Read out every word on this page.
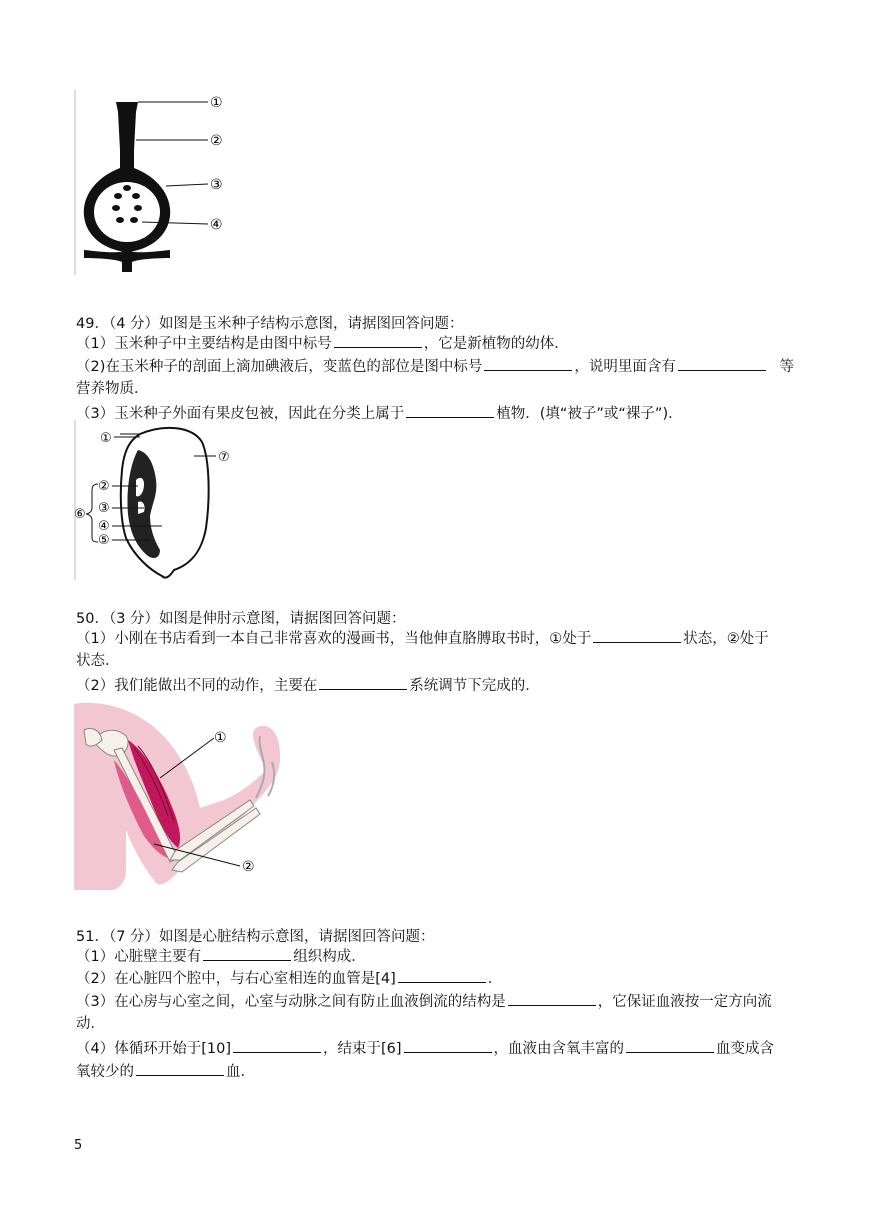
①
②
③
④
49．（4 分）如图是玉米种子结构示意图，请据图回答问题：
（1）玉米种子中主要结构是由图中标号	，它是新植物的幼体．
（2)在玉米种子的剖面上滴加碘液后，变蓝色的部位是图中标号	，说明里面含有	等
营养物质．
（3）玉米种子外面有果皮包被，因此在分类上属于	植物．(填“被子”或“裸子”)．
①
②
③
④
⑤
⑥
⑦
50．（3 分）如图是伸肘示意图，请据图回答问题：
（1）小刚在书店看到一本自己非常喜欢的漫画书，当他伸直胳膊取书时，①处于	状态，②处于
状态．
（2）我们能做出不同的动作，主要在	系统调节下完成的．
①
②
51．（7 分）如图是心脏结构示意图，请据图回答问题：
（1）心脏壁主要有	组织构成．
（2）在心脏四个腔中，与右心室相连的血管是[4]	．
（3）在心房与心室之间，心室与动脉之间有防止血液倒流的结构是	，它保证血液按一定方向流
动．
（4）体循环开始于[10]	，结束于[6]	，血液由含氧丰富的	血变成含
氧较少的	血．
5
